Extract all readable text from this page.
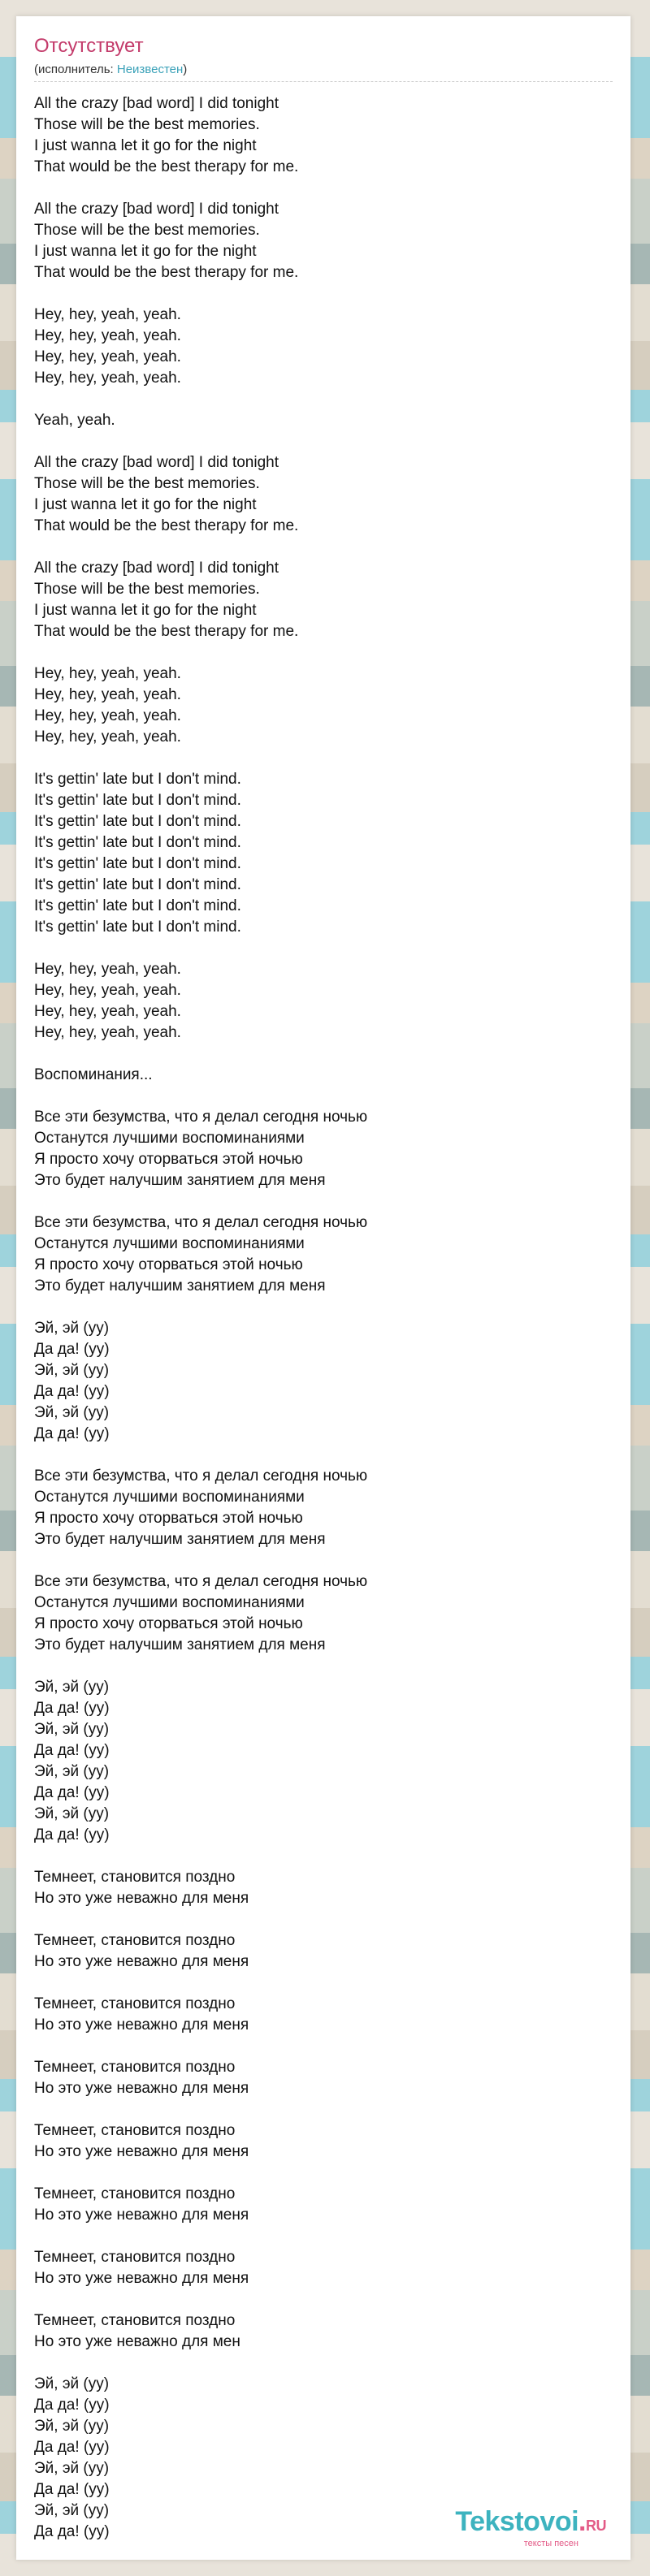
Отсутствует
(исполнитель: Неизвестен)
All the crazy [bad word] I did tonight
Those will be the best memories.
I just wanna let it go for the night
That would be the best therapy for me.
All the crazy [bad word] I did tonight
Those will be the best memories.
I just wanna let it go for the night
That would be the best therapy for me.
Hey, hey, yeah, yeah.
Hey, hey, yeah, yeah.
Hey, hey, yeah, yeah.
Hey, hey, yeah, yeah.
Yeah, yeah.
All the crazy [bad word] I did tonight
Those will be the best memories.
I just wanna let it go for the night
That would be the best therapy for me.
All the crazy [bad word] I did tonight
Those will be the best memories.
I just wanna let it go for the night
That would be the best therapy for me.
Hey, hey, yeah, yeah.
Hey, hey, yeah, yeah.
Hey, hey, yeah, yeah.
Hey, hey, yeah, yeah.
It's gettin' late but I don't mind.
It's gettin' late but I don't mind.
It's gettin' late but I don't mind.
It's gettin' late but I don't mind.
It's gettin' late but I don't mind.
It's gettin' late but I don't mind.
It's gettin' late but I don't mind.
It's gettin' late but I don't mind.
Hey, hey, yeah, yeah.
Hey, hey, yeah, yeah.
Hey, hey, yeah, yeah.
Hey, hey, yeah, yeah.
Воспоминания...
Все эти безумства, что я делал сегодня ночью
Останутся лучшими воспоминаниями
Я просто хочу оторваться этой ночью
Это будет налучшим занятием для меня
Все эти безумства, что я делал сегодня ночью
Останутся лучшими воспоминаниями
Я просто хочу оторваться этой ночью
Это будет налучшим занятием для меня
Эй, эй (уу)
Да да! (уу)
Эй, эй (уу)
Да да! (уу)
Эй, эй (уу)
Да да! (уу)
Все эти безумства, что я делал сегодня ночью
Останутся лучшими воспоминаниями
Я просто хочу оторваться этой ночью
Это будет налучшим занятием для меня
Все эти безумства, что я делал сегодня ночью
Останутся лучшими воспоминаниями
Я просто хочу оторваться этой ночью
Это будет налучшим занятием для меня
Эй, эй (уу)
Да да! (уу)
Эй, эй (уу)
Да да! (уу)
Эй, эй (уу)
Да да! (уу)
Эй, эй (уу)
Да да! (уу)
Темнеет, становится поздно
Но это уже неважно для меня
Темнеет, становится поздно
Но это уже неважно для меня
Темнеет, становится поздно
Но это уже неважно для меня
Темнеет, становится поздно
Но это уже неважно для меня
Темнеет, становится поздно
Но это уже неважно для меня
Темнеет, становится поздно
Но это уже неважно для меня
Темнеет, становится поздно
Но это уже неважно для меня
Темнеет, становится поздно
Но это уже неважно для мен
Эй, эй (уу)
Да да! (уу)
Эй, эй (уу)
Да да! (уу)
Эй, эй (уу)
Да да! (уу)
Эй, эй (уу)
Да да! (уу)	Tekstovoi.RU
тексты песен
